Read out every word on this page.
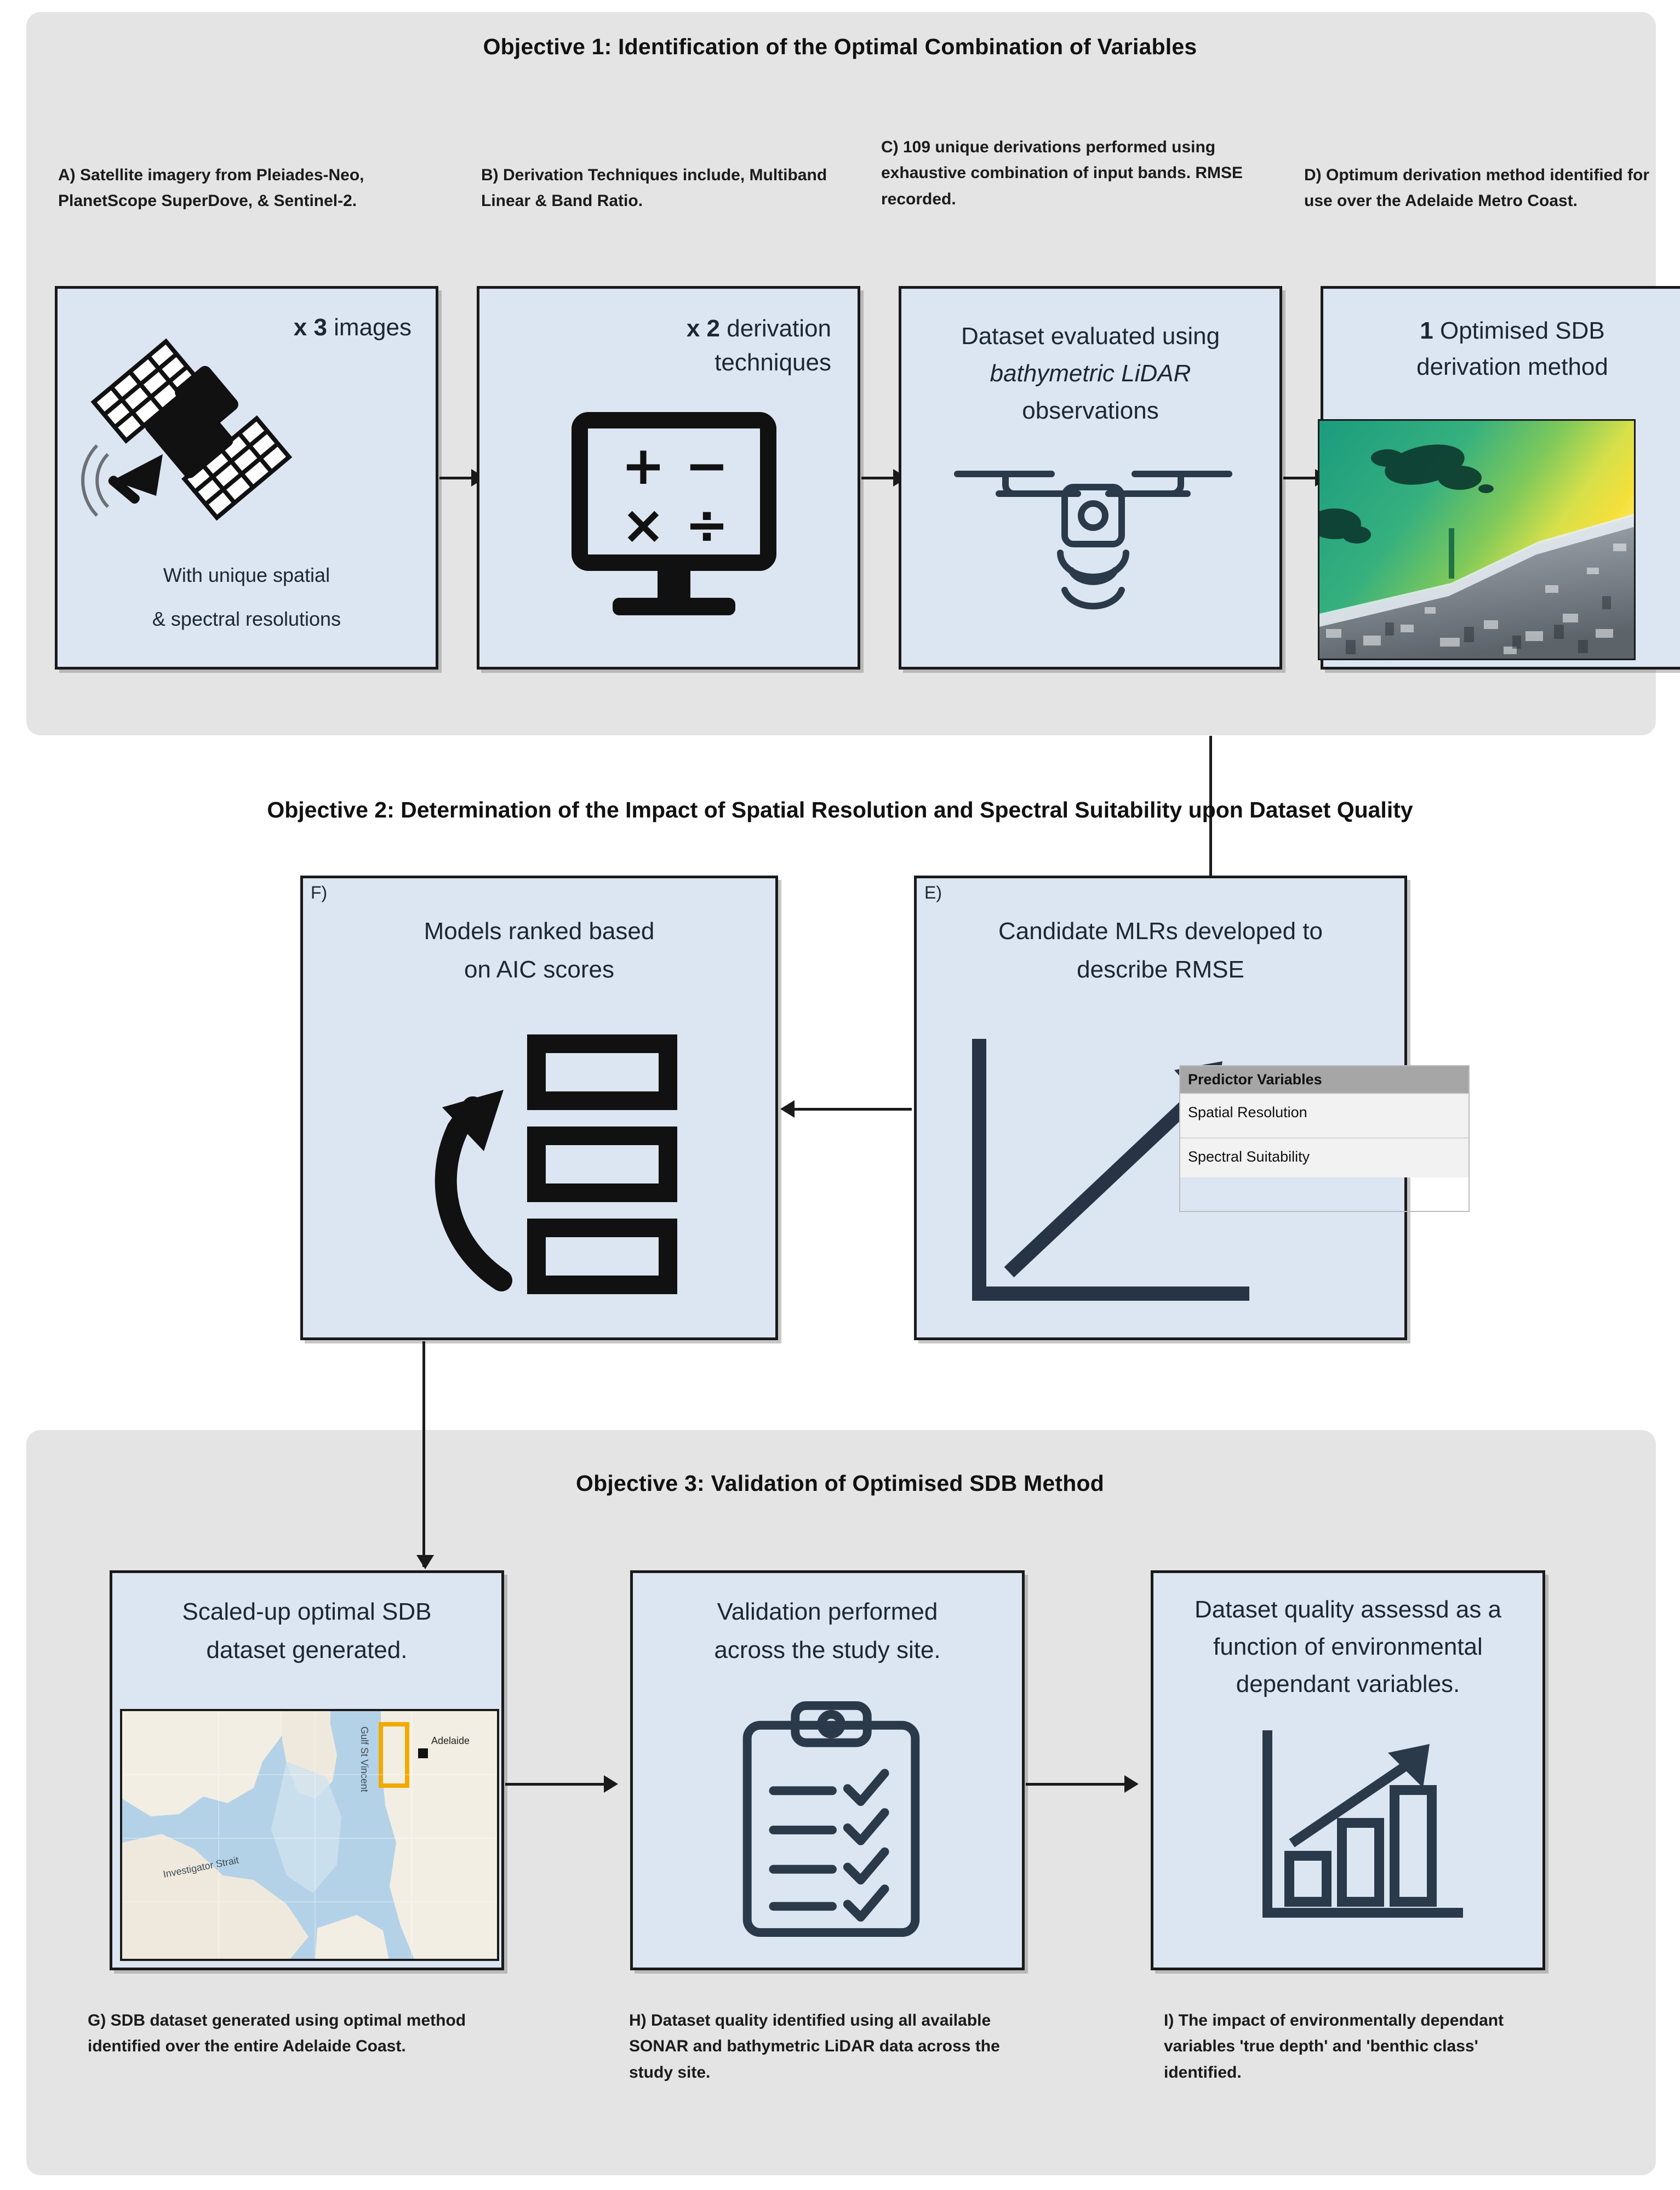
Objective 1: Identification of the Optimal Combination of Variables
A) Satellite imagery from Pleiades-Neo, PlanetScope SuperDove, & Sentinel-2.
B) Derivation Techniques include, Multiband Linear & Band Ratio.
C) 109 unique derivations performed using exhaustive combination of input bands. RMSE recorded.
D) Optimum derivation method identified for use over the Adelaide Metro Coast.
x 3 images
With unique spatial
& spectral resolutions
x 2 derivation
techniques
+ −
× ÷
Dataset evaluated using
bathymetric LiDAR
observations
1 Optimised SDB
derivation method
Objective 2: Determination of the Impact of Spatial Resolution and Spectral Suitability upon Dataset Quality
F)
Models ranked based
on AIC scores
E)
Candidate MLRs developed to
describe RMSE
Predictor Variables
Spatial Resolution
Spectral Suitability
Objective 3: Validation of Optimised SDB Method
Scaled-up optimal SDB
dataset generated.
Gulf St Vincent
Investigator Strait
Adelaide
Validation performed
across the study site.
Dataset quality assessd as a
function of environmental
dependant variables.
G) SDB dataset generated using optimal method identified over the entire Adelaide Coast.
H) Dataset quality identified using all available SONAR and bathymetric LiDAR data across the study site.
I) The impact of environmentally dependant variables 'true depth' and 'benthic class' identified.
